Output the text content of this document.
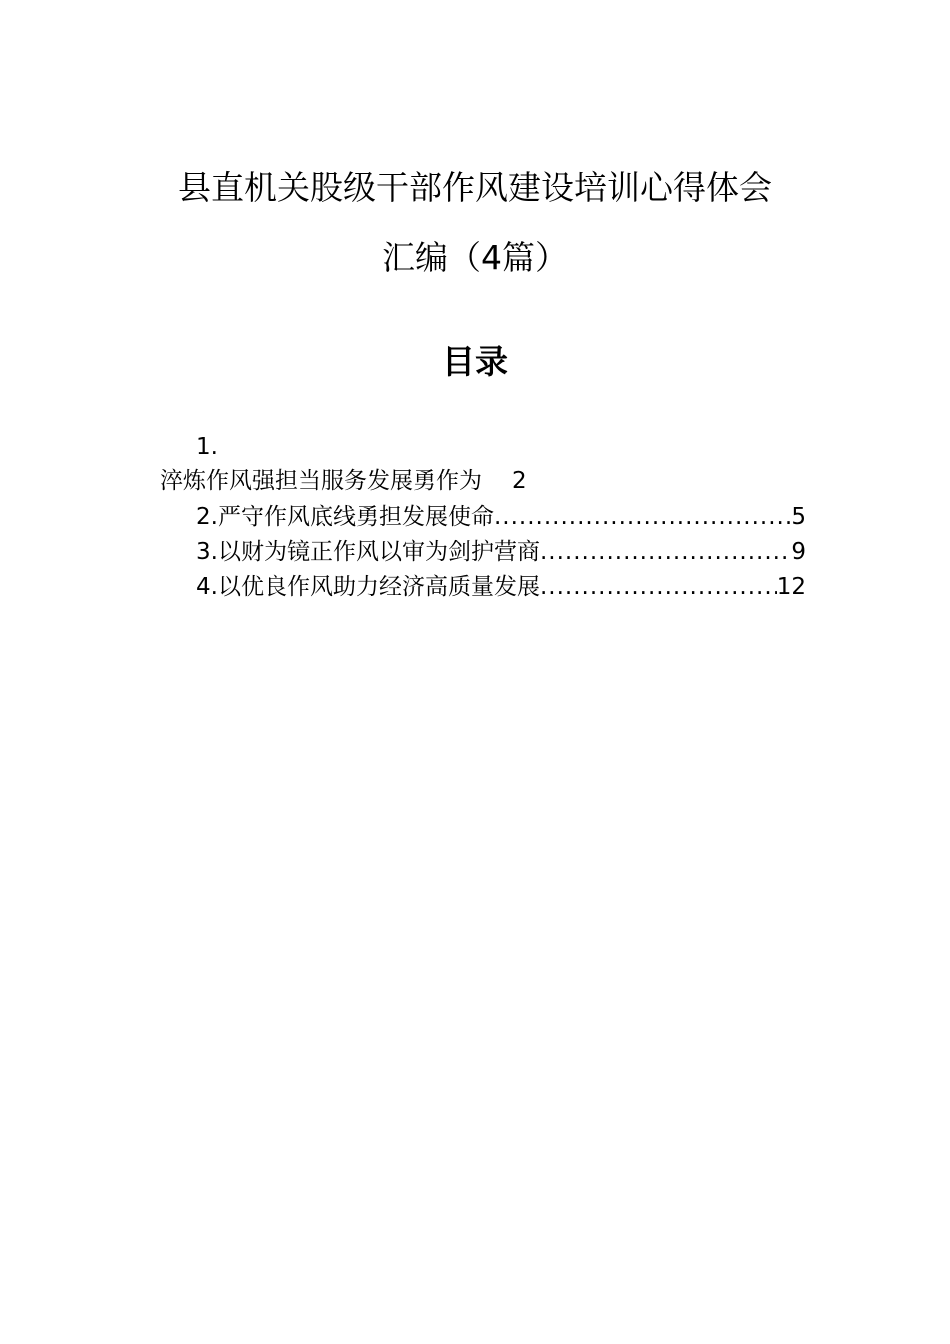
县直机关股级干部作风建设培训心得体会
汇编（4篇）
目录
1.
淬炼作风强担当服务发展勇作为 2
2.严守作风底线勇担发展使命 .....	5
3.以财为镜正作风以审为剑护营商 .....	9
4.以优良作风助力经济高质量发展 .....	12
